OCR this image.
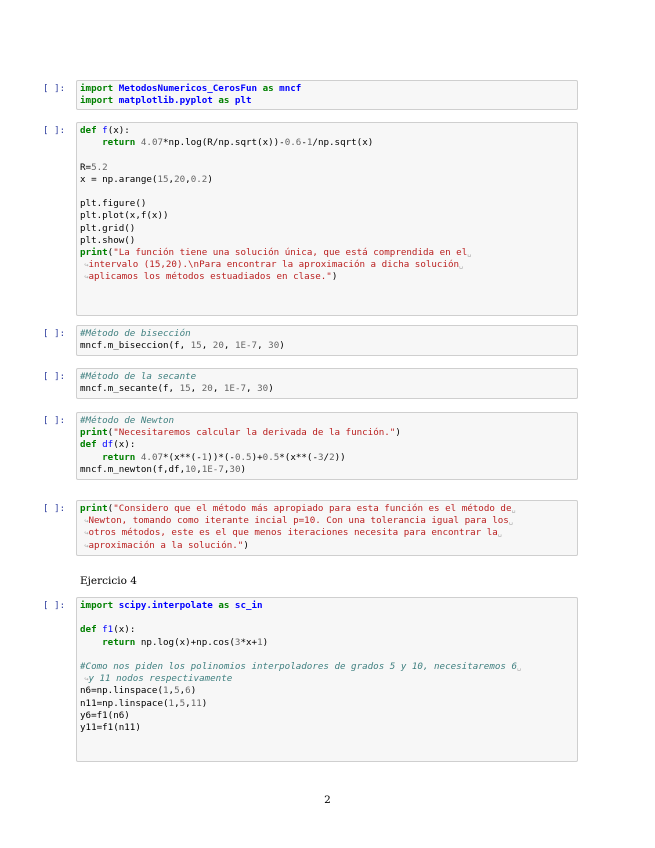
[ ]:	import MetodosNumericos_CerosFun as mncf
import matplotlib.pyplot as plt
[ ]:	def f(x):
return 4.07*np.log(R/np.sqrt(x))-0.6-1/np.sqrt(x)
R=5.2
x = np.arange(15,20,0.2)
plt.figure()
plt.plot(x,f(x))
plt.grid()
plt.show()
print("La función tiene una solución única, que está comprendida en el␣
↪intervalo (15,20).\nPara encontrar la aproximación a dicha solución␣
↪aplicamos los métodos estuadiados en clase.")
[ ]:	#Método de bisección
mncf.m_biseccion(f, 15, 20, 1E-7, 30)
[ ]:	#Método de la secante
mncf.m_secante(f, 15, 20, 1E-7, 30)
[ ]:	#Método de Newton
print("Necesitaremos calcular la derivada de la función.")
def df(x):
return 4.07*(x**(-1))*(-0.5)+0.5*(x**(-3/2))
mncf.m_newton(f,df,10,1E-7,30)
[ ]:	print("Considero que el método más apropiado para esta función es el método de␣
↪Newton, tomando como iterante incial p=10. Con una tolerancia igual para los␣
↪otros métodos, este es el que menos iteraciones necesita para encontrar la␣
↪aproximación a la solución.")
Ejercicio 4
[ ]:	import scipy.interpolate as sc_in
def f1(x):
return np.log(x)+np.cos(3*x+1)
#Como nos piden los polinomios interpoladores de grados 5 y 10, necesitaremos 6␣
↪y 11 nodos respectivamente
n6=np.linspace(1,5,6)
n11=np.linspace(1,5,11)
y6=f1(n6)
y11=f1(n11)
2
